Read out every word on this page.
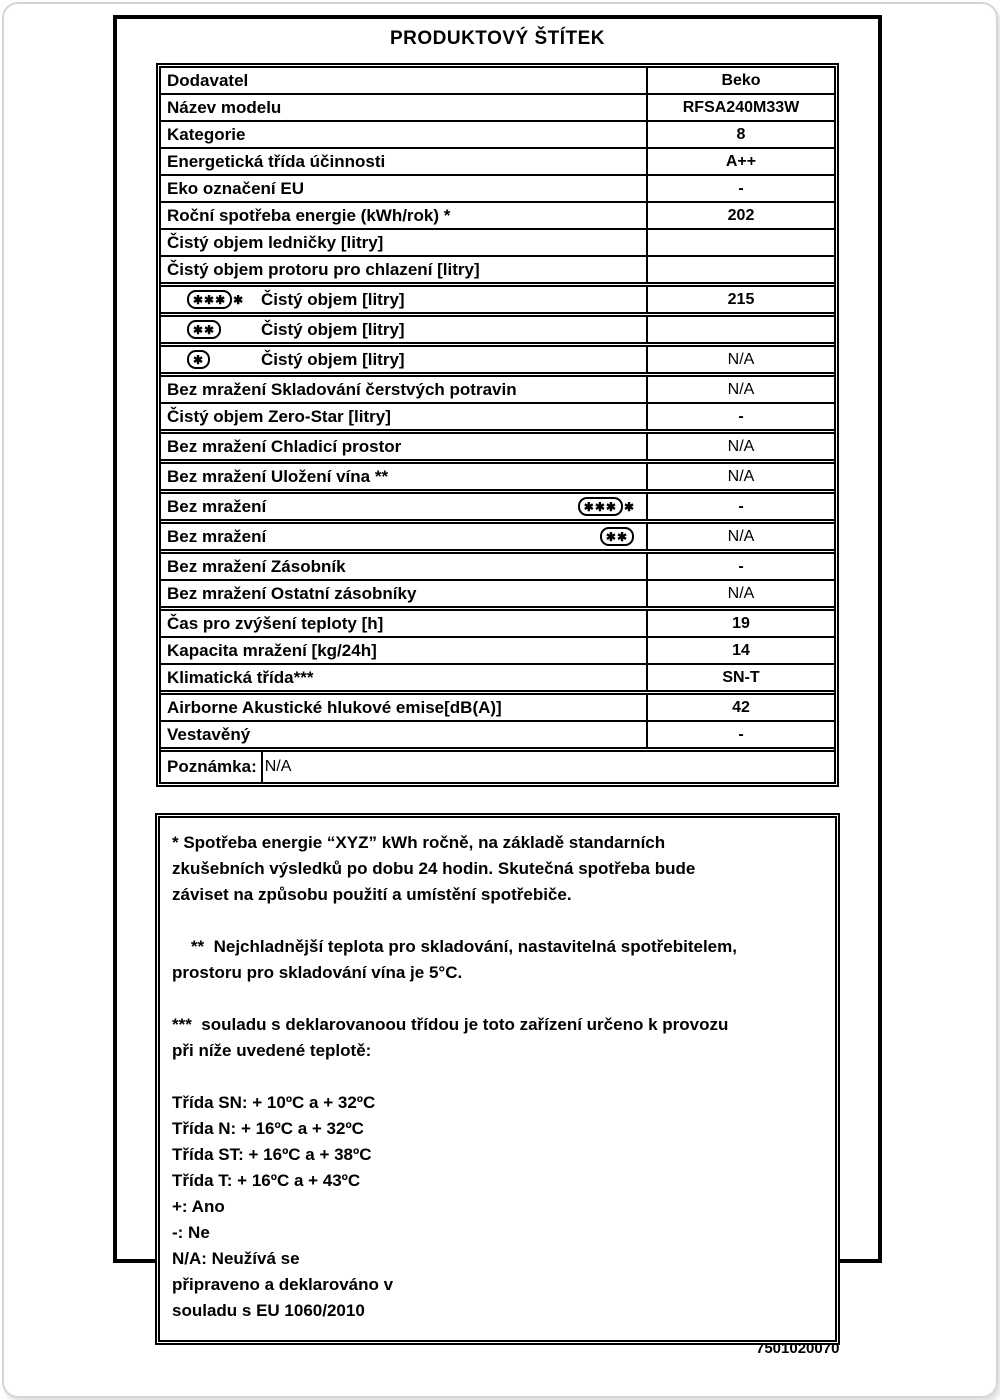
PRODUKTOVÝ ŠTÍTEK
Dodavatel	Beko
Název modelu	RFSA240M33W
Kategorie	8
Energetická třída účinnosti	A++
Eko označení EU	-
Roční spotřeba energie (kWh/rok) *	202
Čistý objem ledničky [litry]
Čistý objem protoru pro chlazení [litry]
✱✱✱ ✱ Čistý objem [litry]	215
✱✱	Čistý objem [litry]
✱	Čistý objem [litry]	N/A
Bez mražení Skladování čerstvých potravin	N/A
Čistý objem Zero-Star [litry]	-
Bez mražení Chladicí prostor	N/A
Bez mražení Uložení vína **	N/A
Bez mražení	✱✱✱ ✱	-
Bez mražení	✱✱	N/A
Bez mražení Zásobník	-
Bez mražení Ostatní zásobníky	N/A
Čas pro zvýšení teploty [h]	19
Kapacita mražení [kg/24h]	14
Klimatická třída***	SN-T
Airborne Akustické hlukové emise[dB(A)]	42
Vestavěný	-
Poznámka: N/A
* Spotřeba energie “XYZ” kWh ročně, na základě standarních
zkušebních výsledků po dobu 24 hodin. Skutečná spotřeba bude
záviset na způsobu použití a umístění spotřebiče.
**  Nejchladnější teplota pro skladování, nastavitelná spotřebitelem,
prostoru pro skladování vína je 5°C.
***  souladu s deklarovanoou třídou je toto zařízení určeno k provozu
při níže uvedené teplotě:
Třída SN: + 10ºC a + 32ºC
Třída N: + 16ºC a + 32ºC
Třída ST: + 16ºC a + 38ºC
Třída T: + 16ºC a + 43ºC
+: Ano
-: Ne
N/A: Neužívá se
připraveno a deklarováno v
souladu s EU 1060/2010
7501020070
